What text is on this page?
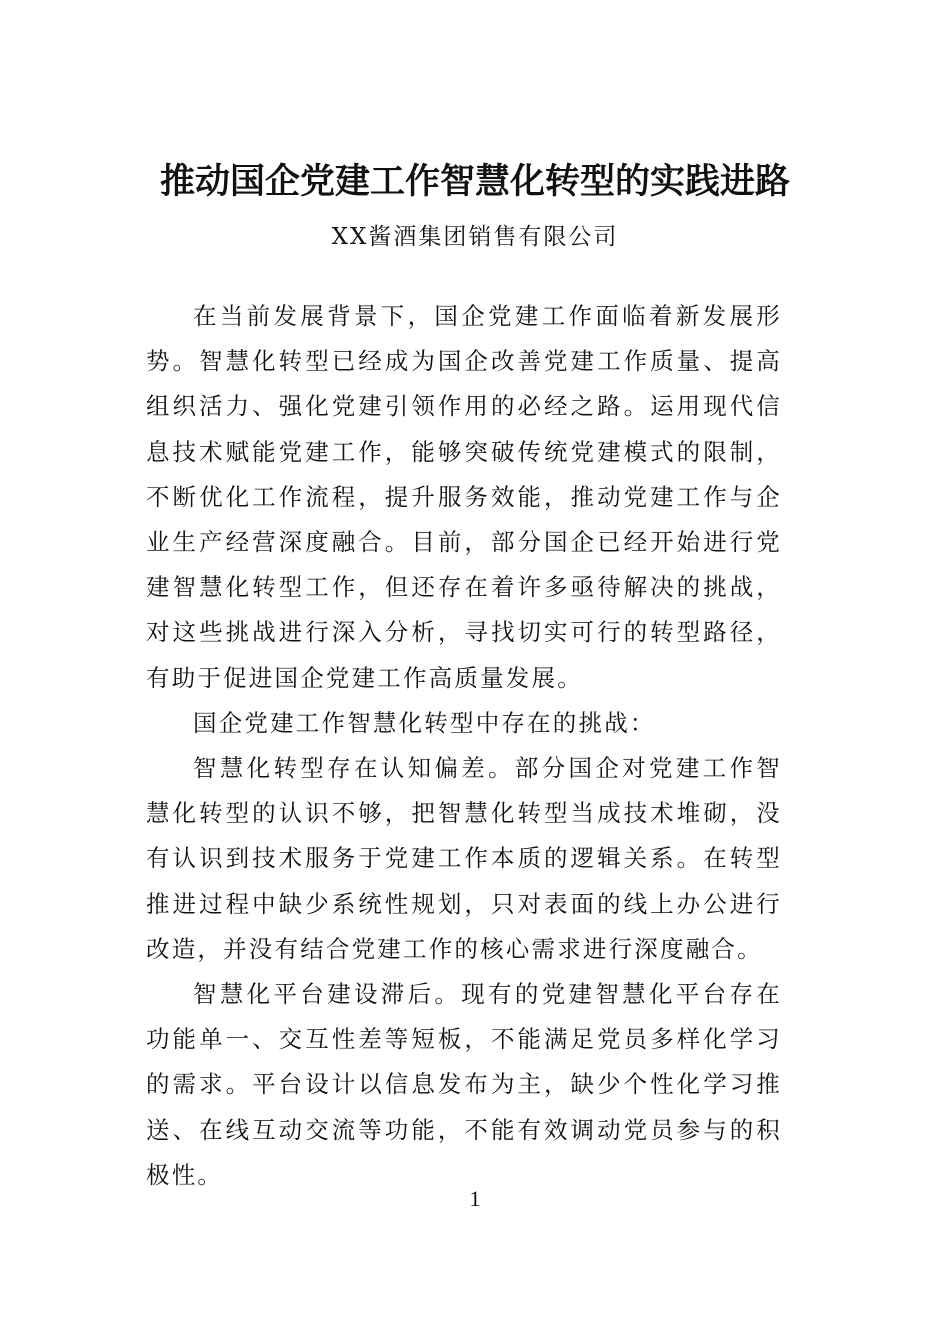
推动国企党建工作智慧化转型的实践进路
XX酱酒集团销售有限公司

在当前发展背景下，国企党建工作面临着新发展形势。智慧化转型已经成为国企改善党建工作质量、提高组织活力、强化党建引领作用的必经之路。运用现代信息技术赋能党建工作，能够突破传统党建模式的限制，不断优化工作流程，提升服务效能，推动党建工作与企业生产经营深度融合。目前，部分国企已经开始进行党建智慧化转型工作，但还存在着许多亟待解决的挑战，对这些挑战进行深入分析，寻找切实可行的转型路径，有助于促进国企党建工作高质量发展。

国企党建工作智慧化转型中存在的挑战：

智慧化转型存在认知偏差。部分国企对党建工作智慧化转型的认识不够，把智慧化转型当成技术堆砌，没有认识到技术服务于党建工作本质的逻辑关系。在转型推进过程中缺少系统性规划，只对表面的线上办公进行改造，并没有结合党建工作的核心需求进行深度融合。

智慧化平台建设滞后。现有的党建智慧化平台存在功能单一、交互性差等短板，不能满足党员多样化学习的需求。平台设计以信息发布为主，缺少个性化学习推送、在线互动交流等功能，不能有效调动党员参与的积极性。

1
